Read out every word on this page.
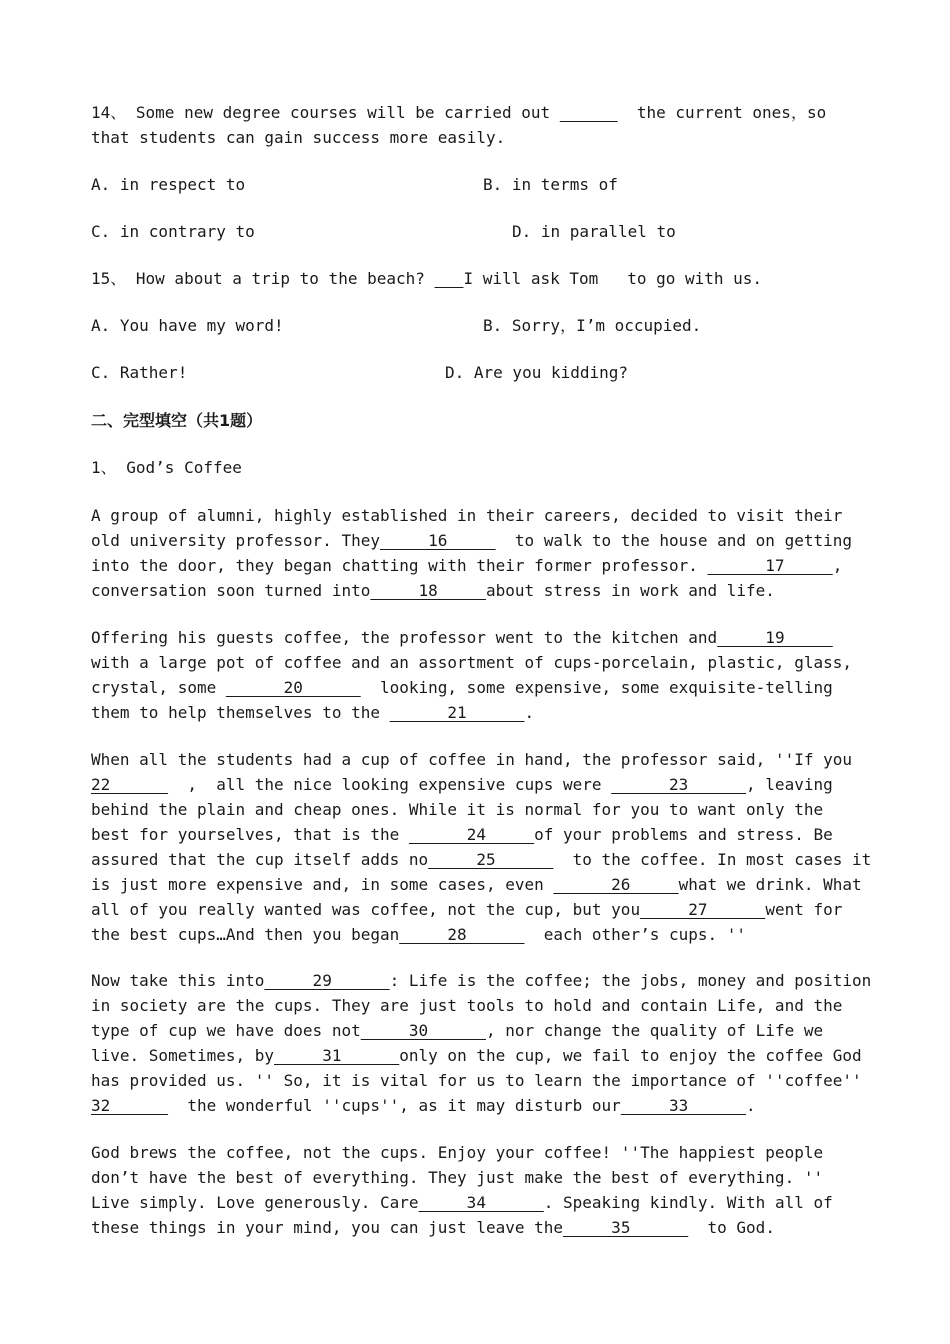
14、 Some new degree courses will be carried out	the current ones，so
that students can gain success more easily.
A. in respect to	B. in terms of
C. in contrary to	D. in parallel to
15、 How about a trip to the beach?    I will ask Tom   to go with us.
A. You have my word!	B. Sorry，I’m occupied.
C. Rather!	D. Are you kidding?
二、完型填空（共1题）
1、 God’s Coffee
A group of alumni, highly established in their careers, decided to visit their
old university professor. They     16       to walk to the house and on getting
into the door, they began chatting with their former professor.       17     ,
conversation soon turned into     18     about stress in work and life.
Offering his guests coffee, the professor went to the kitchen and     19
with a large pot of coffee and an assortment of cups-porcelain, plastic, glass,
crystal, some       20        looking, some expensive, some exquisite-telling
them to help themselves to the       21      .
When all the students had a cup of coffee in hand, the professor said, ''If you
22        ,  all the nice looking expensive cups were       23      , leaving
behind the plain and cheap ones. While it is normal for you to want only the
best for yourselves, that is the       24     of your problems and stress. Be
assured that the cup itself adds no     25        to the coffee. In most cases it
is just more expensive and, in some cases, even       26     what we drink. What
all of you really wanted was coffee, not the cup, but you     27      went for
the best cups…And then you began     28        each other’s cups. ''
Now take this into     29      : Life is the coffee; the jobs, money and position
in society are the cups. They are just tools to hold and contain Life, and the
type of cup we have does not     30      , nor change the quality of Life we
live. Sometimes, by     31      only on the cup, we fail to enjoy the coffee God
has provided us. '' So, it is vital for us to learn the importance of ''coffee''
32        the wonderful ''cups'', as it may disturb our     33      .
God brews the coffee, not the cups. Enjoy your coffee! ''The happiest people
don’t have the best of everything. They just make the best of everything. ''
Live simply. Love generously. Care     34      . Speaking kindly. With all of
these things in your mind, you can just leave the     35        to God.
